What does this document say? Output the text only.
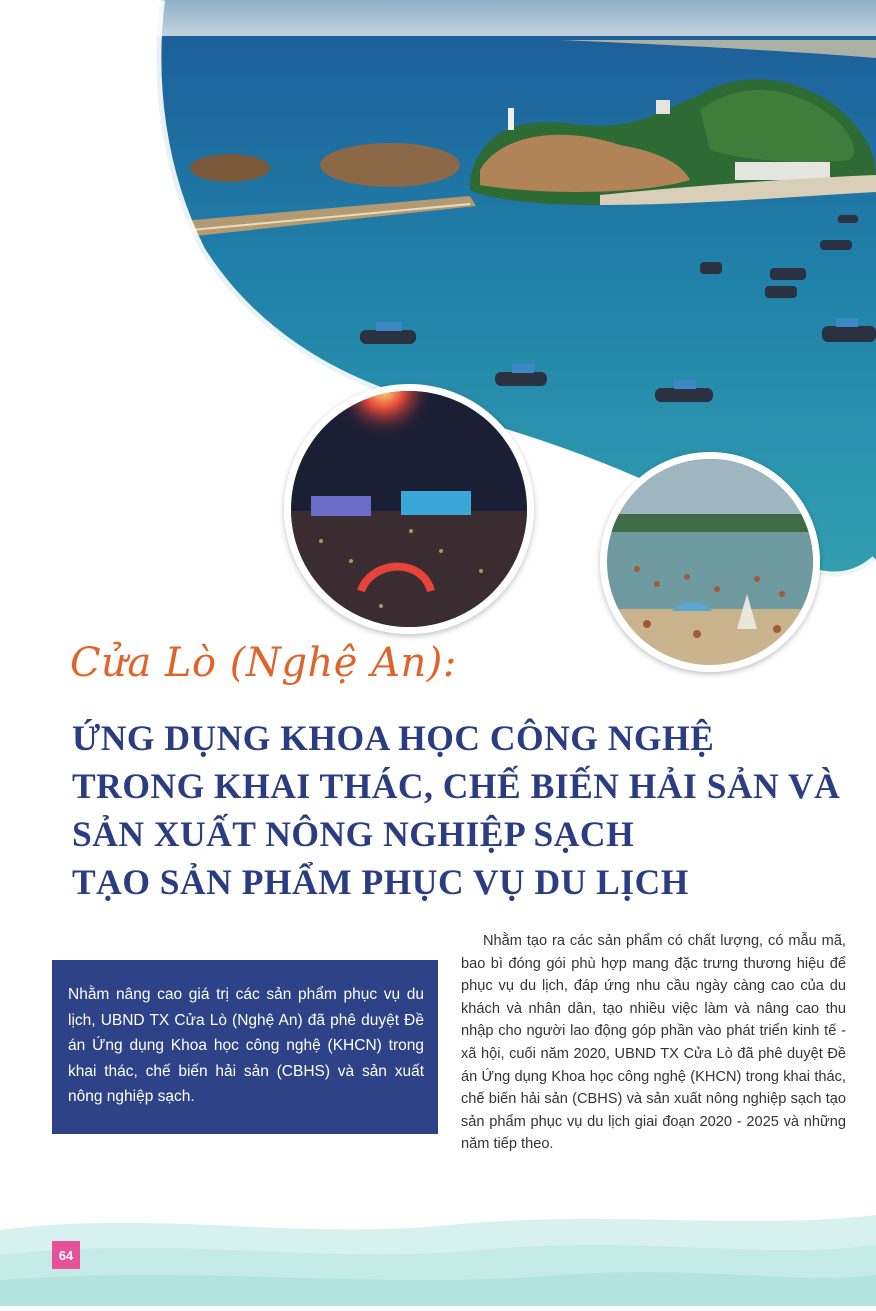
Cửa Lò (Nghệ An):
ỨNG DỤNG KHOA HỌC CÔNG NGHỆ
TRONG KHAI THÁC, CHẾ BIẾN HẢI SẢN VÀ
SẢN XUẤT NÔNG NGHIỆP SẠCH
TẠO SẢN PHẨM PHỤC VỤ DU LỊCH
Nhằm nâng cao giá trị các sản phẩm phục vụ du lịch, UBND TX Cửa Lò (Nghệ An) đã phê duyệt Đề án Ứng dụng Khoa học công nghệ (KHCN) trong khai thác, chế biến hải sản (CBHS) và sản xuất nông nghiệp sạch.
Nhằm tạo ra các sản phẩm có chất lượng, có mẫu mã, bao bì đóng gói phù hợp mang đặc trưng thương hiệu để phục vụ du lịch, đáp ứng nhu cầu ngày càng cao của du khách và nhân dân, tạo nhiều việc làm và nâng cao thu nhập cho người lao động góp phần vào phát triển kinh tế - xã hội, cuối năm 2020, UBND TX Cửa Lò đã phê duyệt Đề án Ứng dụng Khoa học công nghệ (KHCN) trong khai thác, chế biến hải sản (CBHS) và sản xuất nông nghiệp sạch tạo sản phẩm phục vụ du lịch giai đoạn 2020 - 2025 và những năm tiếp theo.
64
